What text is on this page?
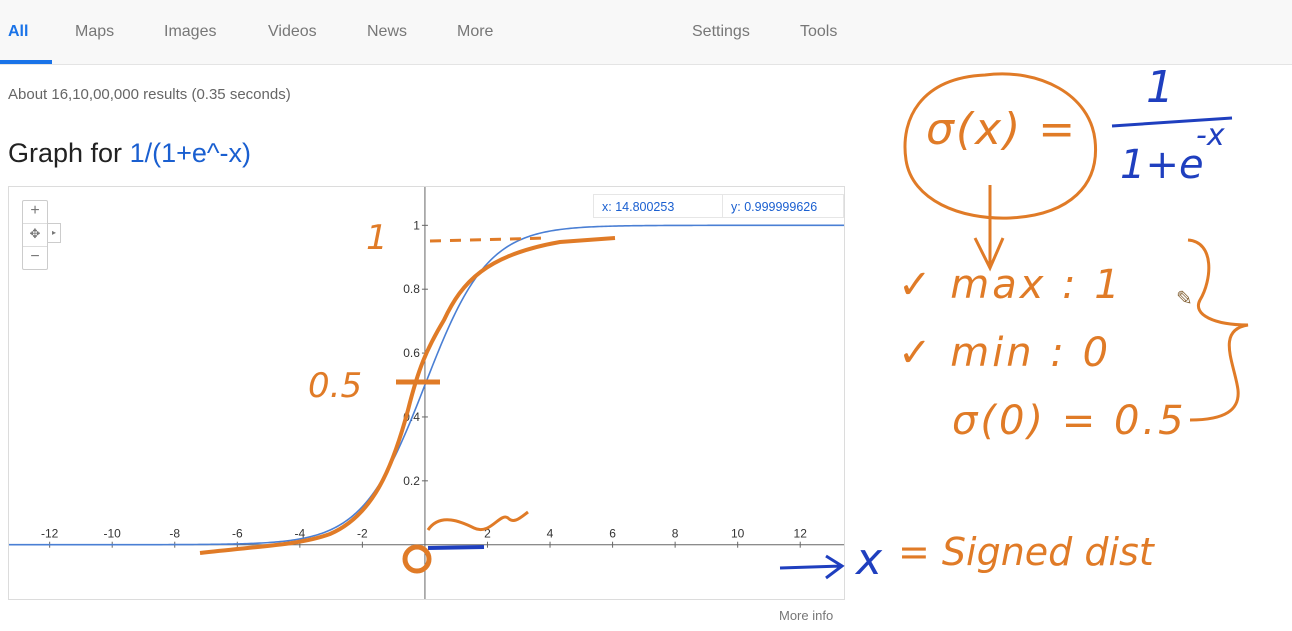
All	Maps	Images	Videos	News	More	Settings	Tools
About 16,10,00,000 results (0.35 seconds)
Graph for 1/(1+e^-x)
-12	-10	-8	-6	-4	-2	2	4	6	8	10	12
0.2
0.4
0.6
0.8
1
x: 14.800253	y: 0.999999626
+
✥
−
▸
More info
σ(x) =
1
1+e
-x
✓ max : 1
✓ min : 0
σ(0) = 0.5
1
0.5
x = Signed dist
✎
